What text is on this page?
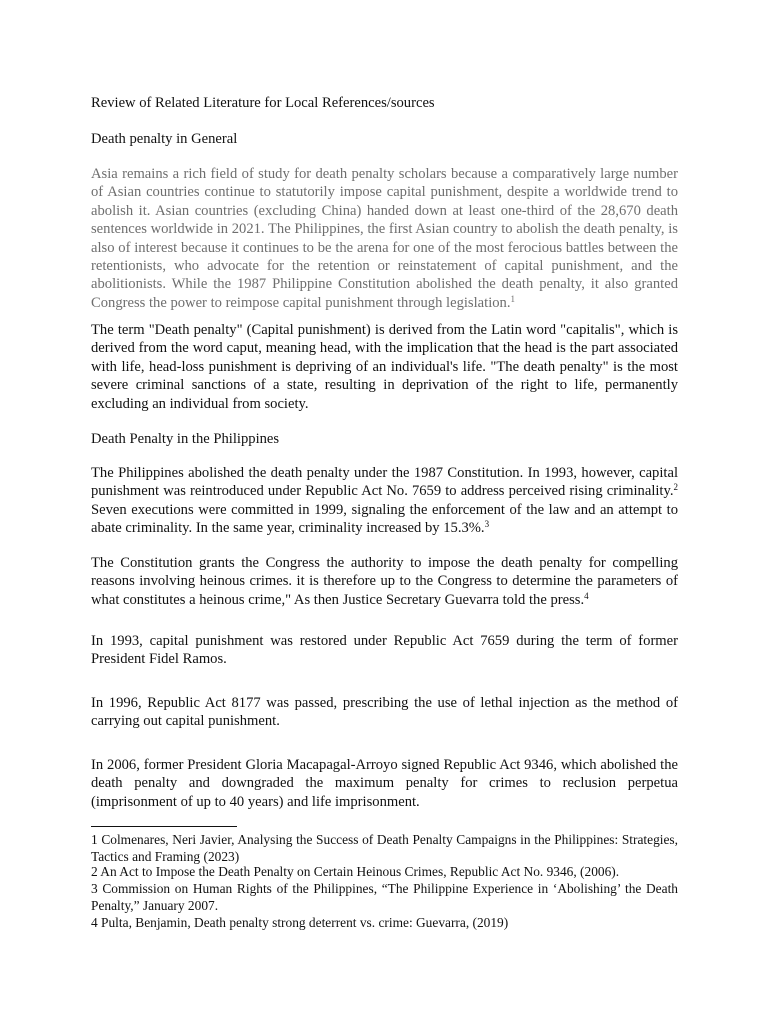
Review of Related Literature for Local References/sources
Death penalty in General
Asia remains a rich field of study for death penalty scholars because a comparatively large number of Asian countries continue to statutorily impose capital punishment, despite a worldwide trend to abolish it. Asian countries (excluding China) handed down at least one-third of the 28,670 death sentences worldwide in 2021. The Philippines, the first Asian country to abolish the death penalty, is also of interest because it continues to be the arena for one of the most ferocious battles between the retentionists, who advocate for the retention or reinstatement of capital punishment, and the abolitionists. While the 1987 Philippine Constitution abolished the death penalty, it also granted Congress the power to reimpose capital punishment through legislation.$^1$
The term "Death penalty" (Capital punishment) is derived from the Latin word "capitalis", which is derived from the word caput, meaning head, with the implication that the head is the part associated with life, head-loss punishment is depriving of an individual's life. "The death penalty" is the most severe criminal sanctions of a state, resulting in deprivation of the right to life, permanently excluding an individual from society.
Death Penalty in the Philippines
The Philippines abolished the death penalty under the 1987 Constitution. In 1993, however, capital punishment was reintroduced under Republic Act No. 7659 to address perceived rising criminality.$^2$ Seven executions were committed in 1999, signaling the enforcement of the law and an attempt to abate criminality. In the same year, criminality increased by 15.3%.$^3$
The Constitution grants the Congress the authority to impose the death penalty for compelling reasons involving heinous crimes. it is therefore up to the Congress to determine the parameters of what constitutes a heinous crime," As then Justice Secretary Guevarra told the press.$^4$
In 1993, capital punishment was restored under Republic Act 7659 during the term of former President Fidel Ramos.
In 1996, Republic Act 8177 was passed, prescribing the use of lethal injection as the method of carrying out capital punishment.
In 2006, former President Gloria Macapagal-Arroyo signed Republic Act 9346, which abolished the death penalty and downgraded the maximum penalty for crimes to reclusion perpetua (imprisonment of up to 40 years) and life imprisonment.
1 Colmenares, Neri Javier, Analysing the Success of Death Penalty Campaigns in the Philippines: Strategies, Tactics and Framing (2023)
2 An Act to Impose the Death Penalty on Certain Heinous Crimes, Republic Act No. 9346, (2006).
3 Commission on Human Rights of the Philippines, “The Philippine Experience in ‘Abolishing’ the Death Penalty,” January 2007.
4 Pulta, Benjamin, Death penalty strong deterrent vs. crime: Guevarra, (2019)
